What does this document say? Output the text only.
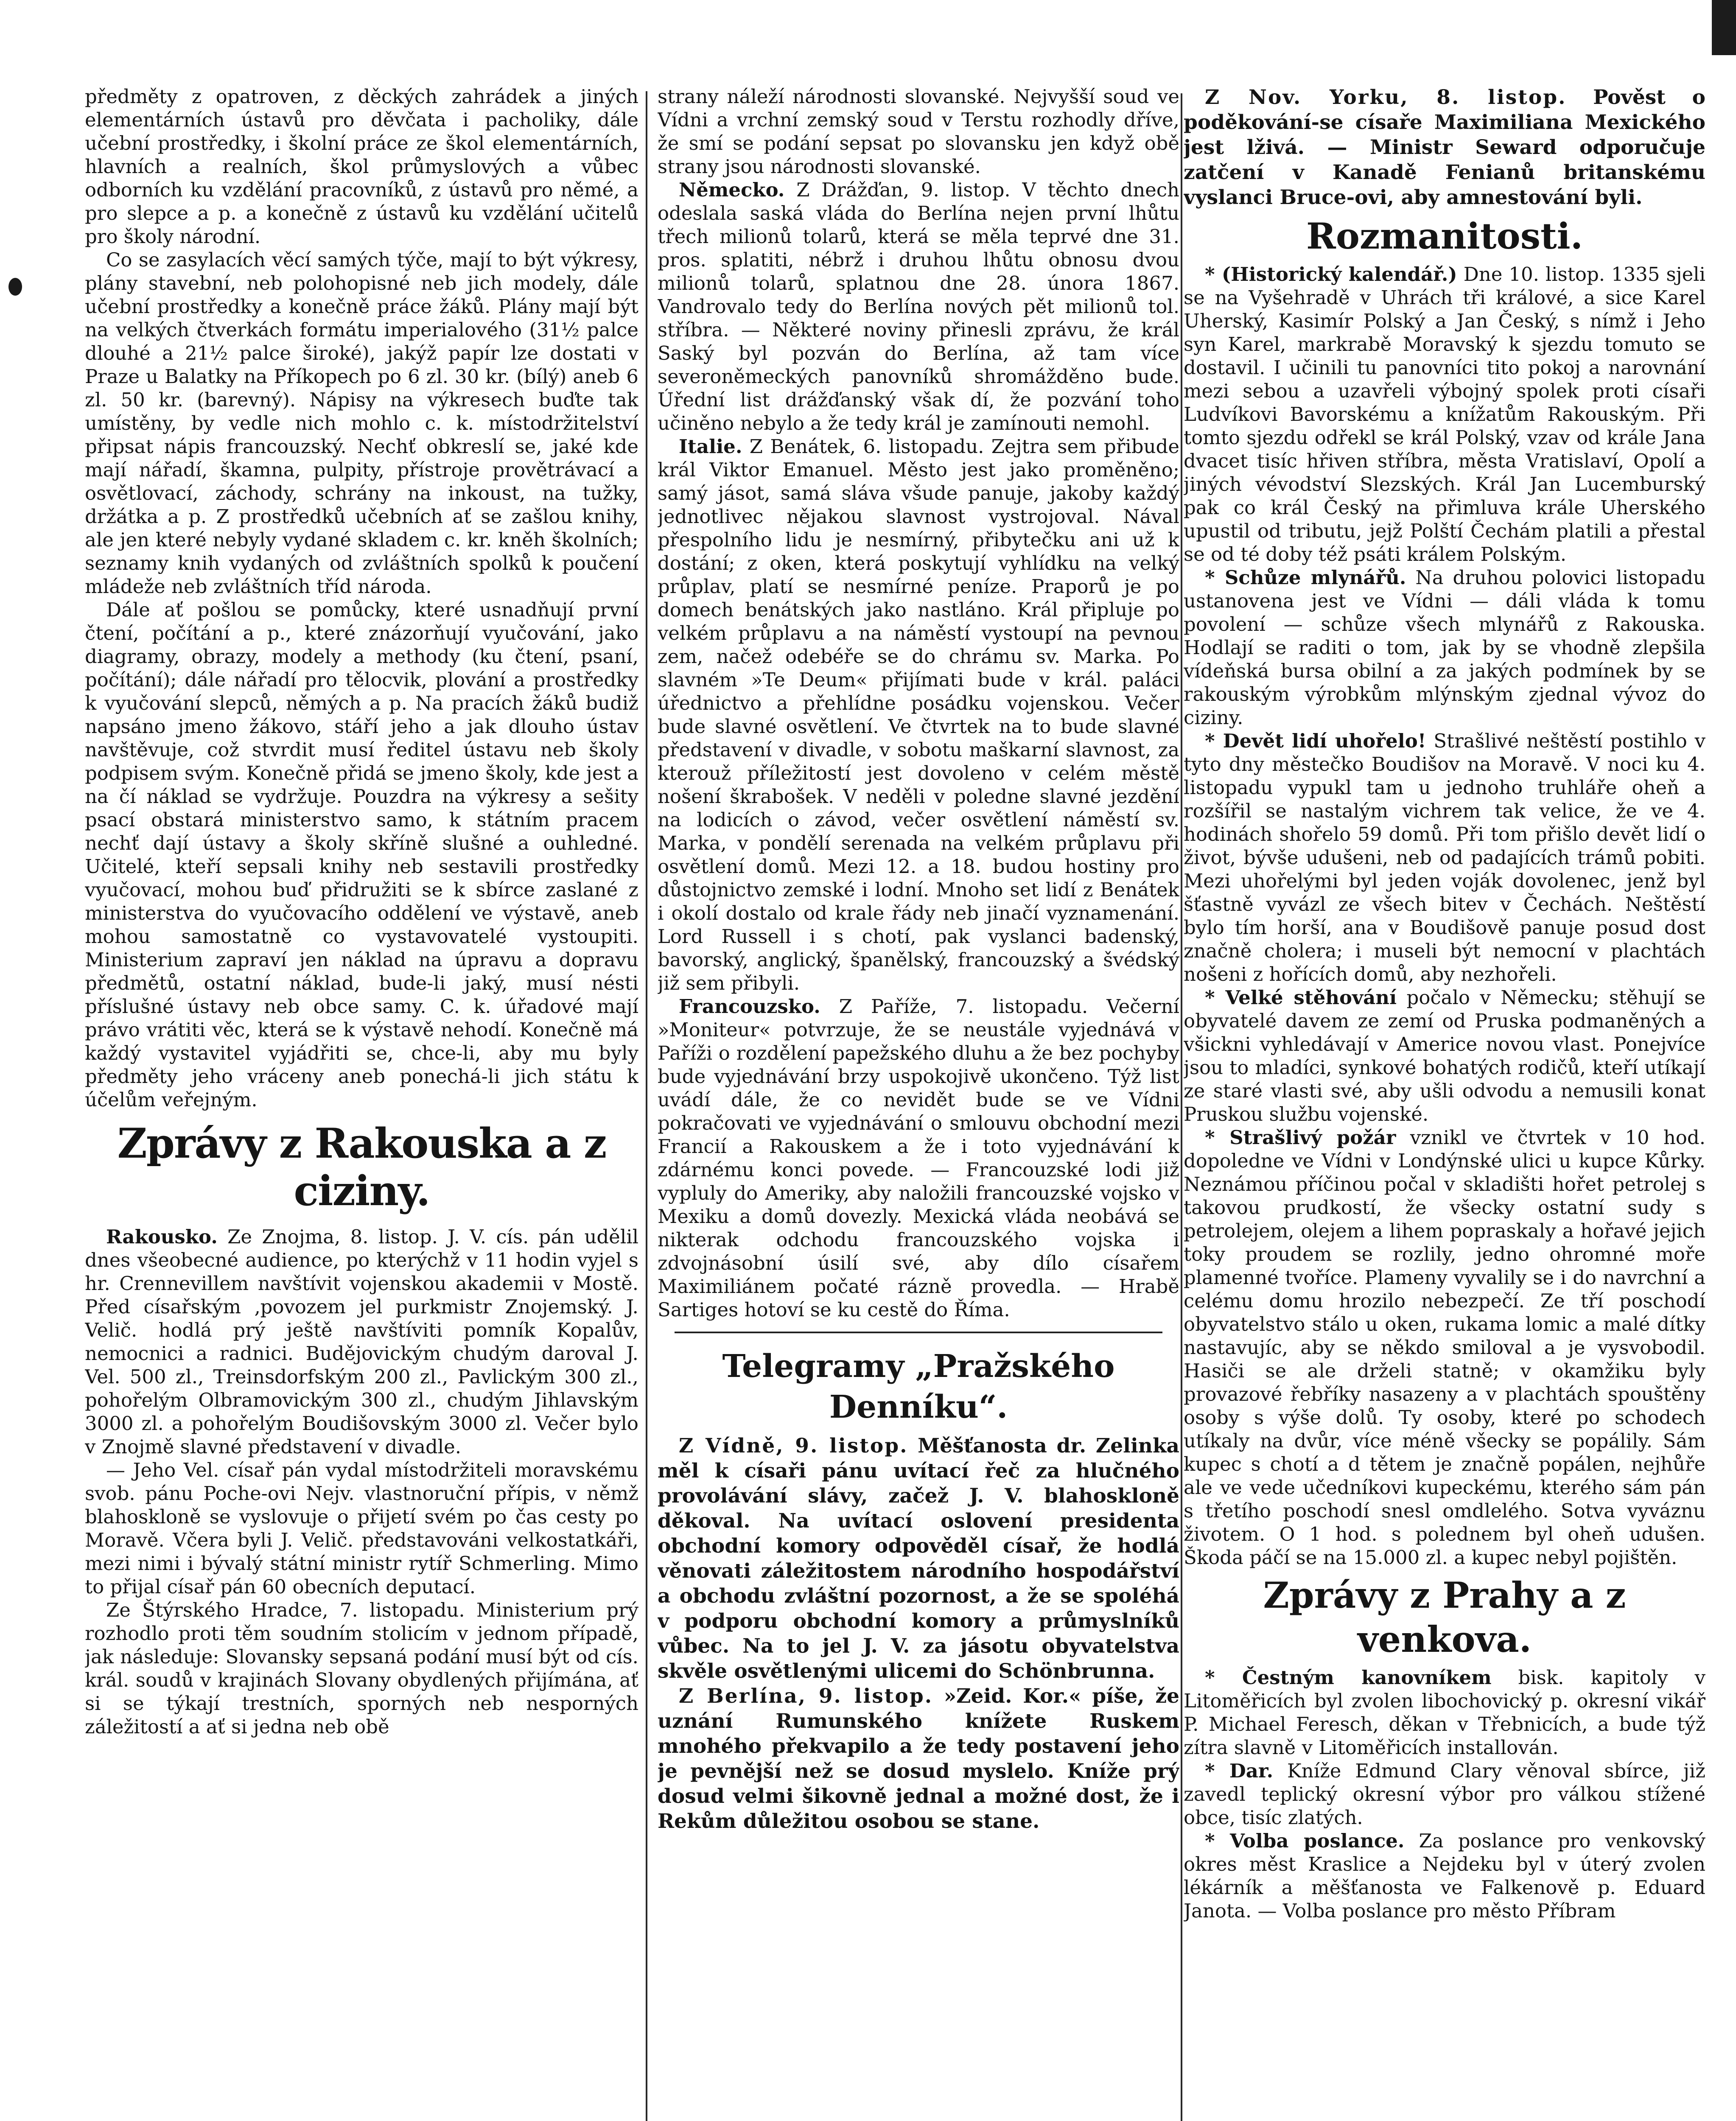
předměty z opatroven, z děckých zahrádek a jiných elementárních ústavů pro děvčata i pacholiky, dále učební prostředky, i školní práce ze škol elementárních, hlavních a realních, škol průmyslových a vůbec odborních ku vzdělání pracovníků, z ústavů pro němé, a pro slepce a p. a konečně z ústavů ku vzdělání učitelů pro školy národní.

Co se zasylacích věcí samých týče, mají to být výkresy, plány stavební, neb polohopisné neb jich modely, dále učební prostředky a konečně práce žáků. Plány mají být na velkých čtverkách formátu imperialového (31½ palce dlouhé a 21½ palce široké), jakýž papír lze dostati v Praze u Balatky na Příkopech po 6 zl. 30 kr. (bílý) aneb 6 zl. 50 kr. (barevný). Nápisy na výkresech buďte tak umístěny, by vedle nich mohlo c. k. místodržitelství připsat nápis francouzský. Nechť obkreslí se, jaké kde mají nářadí, škamna, pulpity, přístroje provětrávací a osvětlovací, záchody, schrány na inkoust, na tužky, držátka a p. Z prostředků učebních ať se zašlou knihy, ale jen které nebyly vydané skladem c. kr. kněh školních; seznamy knih vydaných od zvláštních spolků k poučení mládeže neb zvláštních tříd národa.

Dále ať pošlou se pomůcky, které usnadňují první čtení, počítání a p., které znázorňují vyučování, jako diagramy, obrazy, modely a methody (ku čtení, psaní, počítání); dále nářadí pro tělocvik, plování a prostředky k vyučování slepců, němých a p. Na pracích žáků budiž napsáno jmeno žákovo, stáří jeho a jak dlouho ústav navštěvuje, což stvrdit musí ředitel ústavu neb školy podpisem svým. Konečně přidá se jmeno školy, kde jest a na čí náklad se vydržuje. Pouzdra na výkresy a sešity psací obstará ministerstvo samo, k státním pracem nechť dají ústavy a školy skříně slušné a ouhledné. Učitelé, kteří sepsali knihy neb sestavili prostředky vyučovací, mohou buď přidružiti se k sbírce zaslané z ministerstva do vyučovacího oddělení ve výstavě, aneb mohou samostatně co vystavovatelé vystoupiti. Ministerium zapraví jen náklad na úpravu a dopravu předmětů, ostatní náklad, bude-li jaký, musí nésti příslušné ústavy neb obce samy. C. k. úřadové mají právo vrátiti věc, která se k výstavě nehodí. Konečně má každý vystavitel vyjádřiti se, chce-li, aby mu byly předměty jeho vráceny aneb ponechá-li jich státu k účelům veřejným.

Zprávy z Rakouska a z ciziny.

Rakousko. Ze Znojma, 8. listop. J. V. cís. pán udělil dnes všeobecné audience, po kterýchž v 11 hodin vyjel s hr. Crennevillem navštívit vojenskou akademii v Mostě. Před císařským ‚povozem jel purkmistr Znojemský. J. Velič. hodlá prý ještě navštíviti pomník Kopalův, nemocnici a radnici. Budějovickým chudým daroval J. Vel. 500 zl., Treinsdorfským 200 zl., Pavlickým 300 zl., pohořelým Olbramovickým 300 zl., chudým Jihlavským 3000 zl. a pohořelým Boudišovským 3000 zl. Večer bylo v Znojmě slavné představení v divadle.

— Jeho Vel. císař pán vydal místodržiteli moravskému svob. pánu Poche-ovi Nejv. vlastnoruční přípis, v němž blahoskloně se vyslovuje o přijetí svém po čas cesty po Moravě. Včera byli J. Velič. představováni velkostatkáři, mezi nimi i bývalý státní ministr rytíř Schmerling. Mimo to přijal císař pán 60 obecních deputací.

Ze Štýrského Hradce, 7. listopadu. Ministerium prý rozhodlo proti těm soudním stolicím v jednom případě, jak následuje: Slovansky sepsaná podání musí být od cís. král. soudů v krajinách Slovany obydlených přijímána, ať si se týkají trestních, sporných neb nesporných záležitostí a ať si jedna neb obě

strany náleží národnosti slovanské. Nejvyšší soud ve Vídni a vrchní zemský soud v Terstu rozhodly dříve, že smí se podání sepsat po slovansku jen když obě strany jsou národnosti slovanské.

Německo. Z Drážďan, 9. listop. V těchto dnech odeslala saská vláda do Berlína nejen první lhůtu třech milionů tolarů, která se měla teprvé dne 31. pros. splatiti, nébrž i druhou lhůtu obnosu dvou milionů tolarů, splatnou dne 28. února 1867. Vandrovalo tedy do Berlína nových pět milionů tol. stříbra. — Některé noviny přinesli zprávu, že král Saský byl pozván do Berlína, až tam více severoněmeckých panovníků shromážděno bude. Úřední list drážďanský však dí, že pozvání toho učiněno nebylo a že tedy král je zamínouti nemohl.

Italie. Z Benátek, 6. listopadu. Zejtra sem přibude král Viktor Emanuel. Město jest jako proměněno; samý jásot, samá sláva všude panuje, jakoby každý jednotlivec nějakou slavnost vystrojoval. Nával přespolního lidu je nesmírný, přibytečku ani už k dostání; z oken, která poskytují vyhlídku na velký průplav, platí se nesmírné peníze. Praporů je po domech benátských jako nastláno. Král připluje po velkém průplavu a na náměstí vystoupí na pevnou zem, načež odebéře se do chrámu sv. Marka. Po slavném »Te Deum« přijímati bude v král. paláci úřednictvo a přehlídne posádku vojenskou. Večer bude slavné osvětlení. Ve čtvrtek na to bude slavné představení v divadle, v sobotu maškarní slavnost, za kterouž příležitostí jest dovoleno v celém městě nošení škrabošek. V neděli v poledne slavné jezdění na lodicích o závod, večer osvětlení náměstí sv. Marka, v pondělí serenada na velkém průplavu při osvětlení domů. Mezi 12. a 18. budou hostiny pro důstojnictvo zemské i lodní. Mnoho set lidí z Benátek i okolí dostalo od krale řády neb jinačí vyznamenání. Lord Russell i s chotí, pak vyslanci badenský, bavorský, anglický, španělský, francouzský a švédský již sem přibyli.

Francouzsko. Z Paříže, 7. listopadu. Večerní »Moniteur« potvrzuje, že se neustále vyjednává v Paříži o rozdělení papežského dluhu a že bez pochyby bude vyjednávání brzy uspokojivě ukončeno. Týž list uvádí dále, že co nevidět bude se ve Vídni pokračovati ve vyjednávání o smlouvu obchodní mezi Francií a Rakouskem a že i toto vyjednávání k zdárnému konci povede. — Francouzské lodi již vypluly do Ameriky, aby naložili francouzské vojsko v Mexiku a domů dovezly. Mexická vláda neobává se nikterak odchodu francouzského vojska i zdvojnásobní úsilí své, aby dílo císařem Maximiliánem počaté rázně provedla. — Hrabě Sartiges hotoví se ku cestě do Říma.

Telegramy „Pražského Denníku“.

Z Vídně, 9. listop. Měšťanosta dr. Zelinka měl k císaři pánu uvítací řeč za hlučného provolávání slávy, začež J. V. blahoskloně děkoval. Na uvítací oslovení presidenta obchodní komory odpověděl císař, že hodlá věnovati záležitostem národního hospodářství a obchodu zvláštní pozornost, a že se spoléhá v podporu obchodní komory a průmyslníků vůbec. Na to jel J. V. za jásotu obyvatelstva skvěle osvětlenými ulicemi do Schönbrunna.

Z Berlína, 9. listop. »Zeid. Kor.« píše, že uznání Rumunského knížete Ruskem mnohého překvapilo a že tedy postavení jeho je pevnější než se dosud myslelo. Kníže prý dosud velmi šikovně jednal a možné dost, že i Rekům důležitou osobou se stane.

Z Nov. Yorku, 8. listop. Pověst o poděkování-se císaře Maximiliana Mexického jest lživá. — Ministr Seward odporučuje zatčení v Kanadě Fenianů britanskému vyslanci Bruce-ovi, aby amnestování byli.

Rozmanitosti.

* (Historický kalendář.) Dne 10. listop. 1335 sjeli se na Vyšehradě v Uhrách tři králové, a sice Karel Uherský, Kasimír Polský a Jan Český, s nímž i Jeho syn Karel, markrabě Moravský k sjezdu tomuto se dostavil. I učinili tu panovníci tito pokoj a narovnání mezi sebou a uzavřeli výbojný spolek proti císaři Ludvíkovi Bavorskému a knížatům Rakouským. Při tomto sjezdu odřekl se král Polský, vzav od krále Jana dvacet tisíc hřiven stříbra, města Vratislaví, Opolí a jiných vévodství Slezských. Král Jan Lucemburský pak co král Český na přimluva krále Uherského upustil od tributu, jejž Polští Čechám platili a přestal se od té doby též psáti králem Polským.

* Schůze mlynářů. Na druhou polovici listopadu ustanovena jest ve Vídni — dáli vláda k tomu povolení — schůze všech mlynářů z Rakouska. Hodlají se raditi o tom, jak by se vhodně zlepšila vídeňská bursa obilní a za jakých podmínek by se rakouským výrobkům mlýnským zjednal vývoz do ciziny.

* Devět lidí uhořelo! Strašlivé neštěstí postihlo v tyto dny městečko Boudišov na Moravě. V noci ku 4. listopadu vypukl tam u jednoho truhláře oheň a rozšířil se nastalým vichrem tak velice, že ve 4. hodinách shořelo 59 domů. Při tom přišlo devět lidí o život, bývše udušeni, neb od padajících trámů pobiti. Mezi uhořelými byl jeden voják dovolenec, jenž byl šťastně vyvázl ze všech bitev v Čechách. Neštěstí bylo tím horší, ana v Boudišově panuje posud dost značně cholera; i museli být nemocní v plachtách nošeni z hořících domů, aby nezhořeli.

* Velké stěhování počalo v Německu; stěhují se obyvatelé davem ze zemí od Pruska podmaněných a všickni vyhledávají v Americe novou vlast. Ponejvíce jsou to mladíci, synkové bohatých rodičů, kteří utíkají ze staré vlasti své, aby ušli odvodu a nemusili konat Pruskou službu vojenské.

* Strašlivý požár vznikl ve čtvrtek v 10 hod. dopoledne ve Vídni v Londýnské ulici u kupce Kůrky. Neznámou příčinou počal v skladišti hořet petrolej s takovou prudkostí, že všecky ostatní sudy s petrolejem, olejem a lihem popraskaly a hořavé jejich toky proudem se rozlily, jedno ohromné moře plamenné tvoříce. Plameny vyvalily se i do navrchní a celému domu hrozilo nebezpečí. Ze tří poschodí obyvatelstvo stálo u oken, rukama lomic a malé dítky nastavujíc, aby se někdo smiloval a je vysvobodil. Hasiči se ale drželi statně; v okamžiku byly provazové řebříky nasazeny a v plachtách spouštěny osoby s výše dolů. Ty osoby, které po schodech utíkaly na dvůr, více méně všecky se popálily. Sám kupec s chotí a d tětem je značně popálen, nejhůře ale ve vede učedníkovi kupeckému, kterého sám pán s třetího poschodí snesl omdlelého. Sotva vyváznu životem. O 1 hod. s polednem byl oheň udušen. Škoda páčí se na 15.000 zl. a kupec nebyl pojištěn.

Zprávy z Prahy a z venkova.

* Čestným kanovníkem bisk. kapitoly v Litoměřicích byl zvolen libochovický p. okresní vikář P. Michael Feresch, děkan v Třebnicích, a bude týž zítra slavně v Litoměřicích installován.

* Dar. Kníže Edmund Clary věnoval sbírce, již zavedl teplický okresní výbor pro válkou stížené obce, tisíc zlatých.

* Volba poslance. Za poslance pro venkovský okres měst Kraslice a Nejdeku byl v úterý zvolen lékárník a měšťanosta ve Falkenově p. Eduard Janota. — Volba poslance pro město Příbram
